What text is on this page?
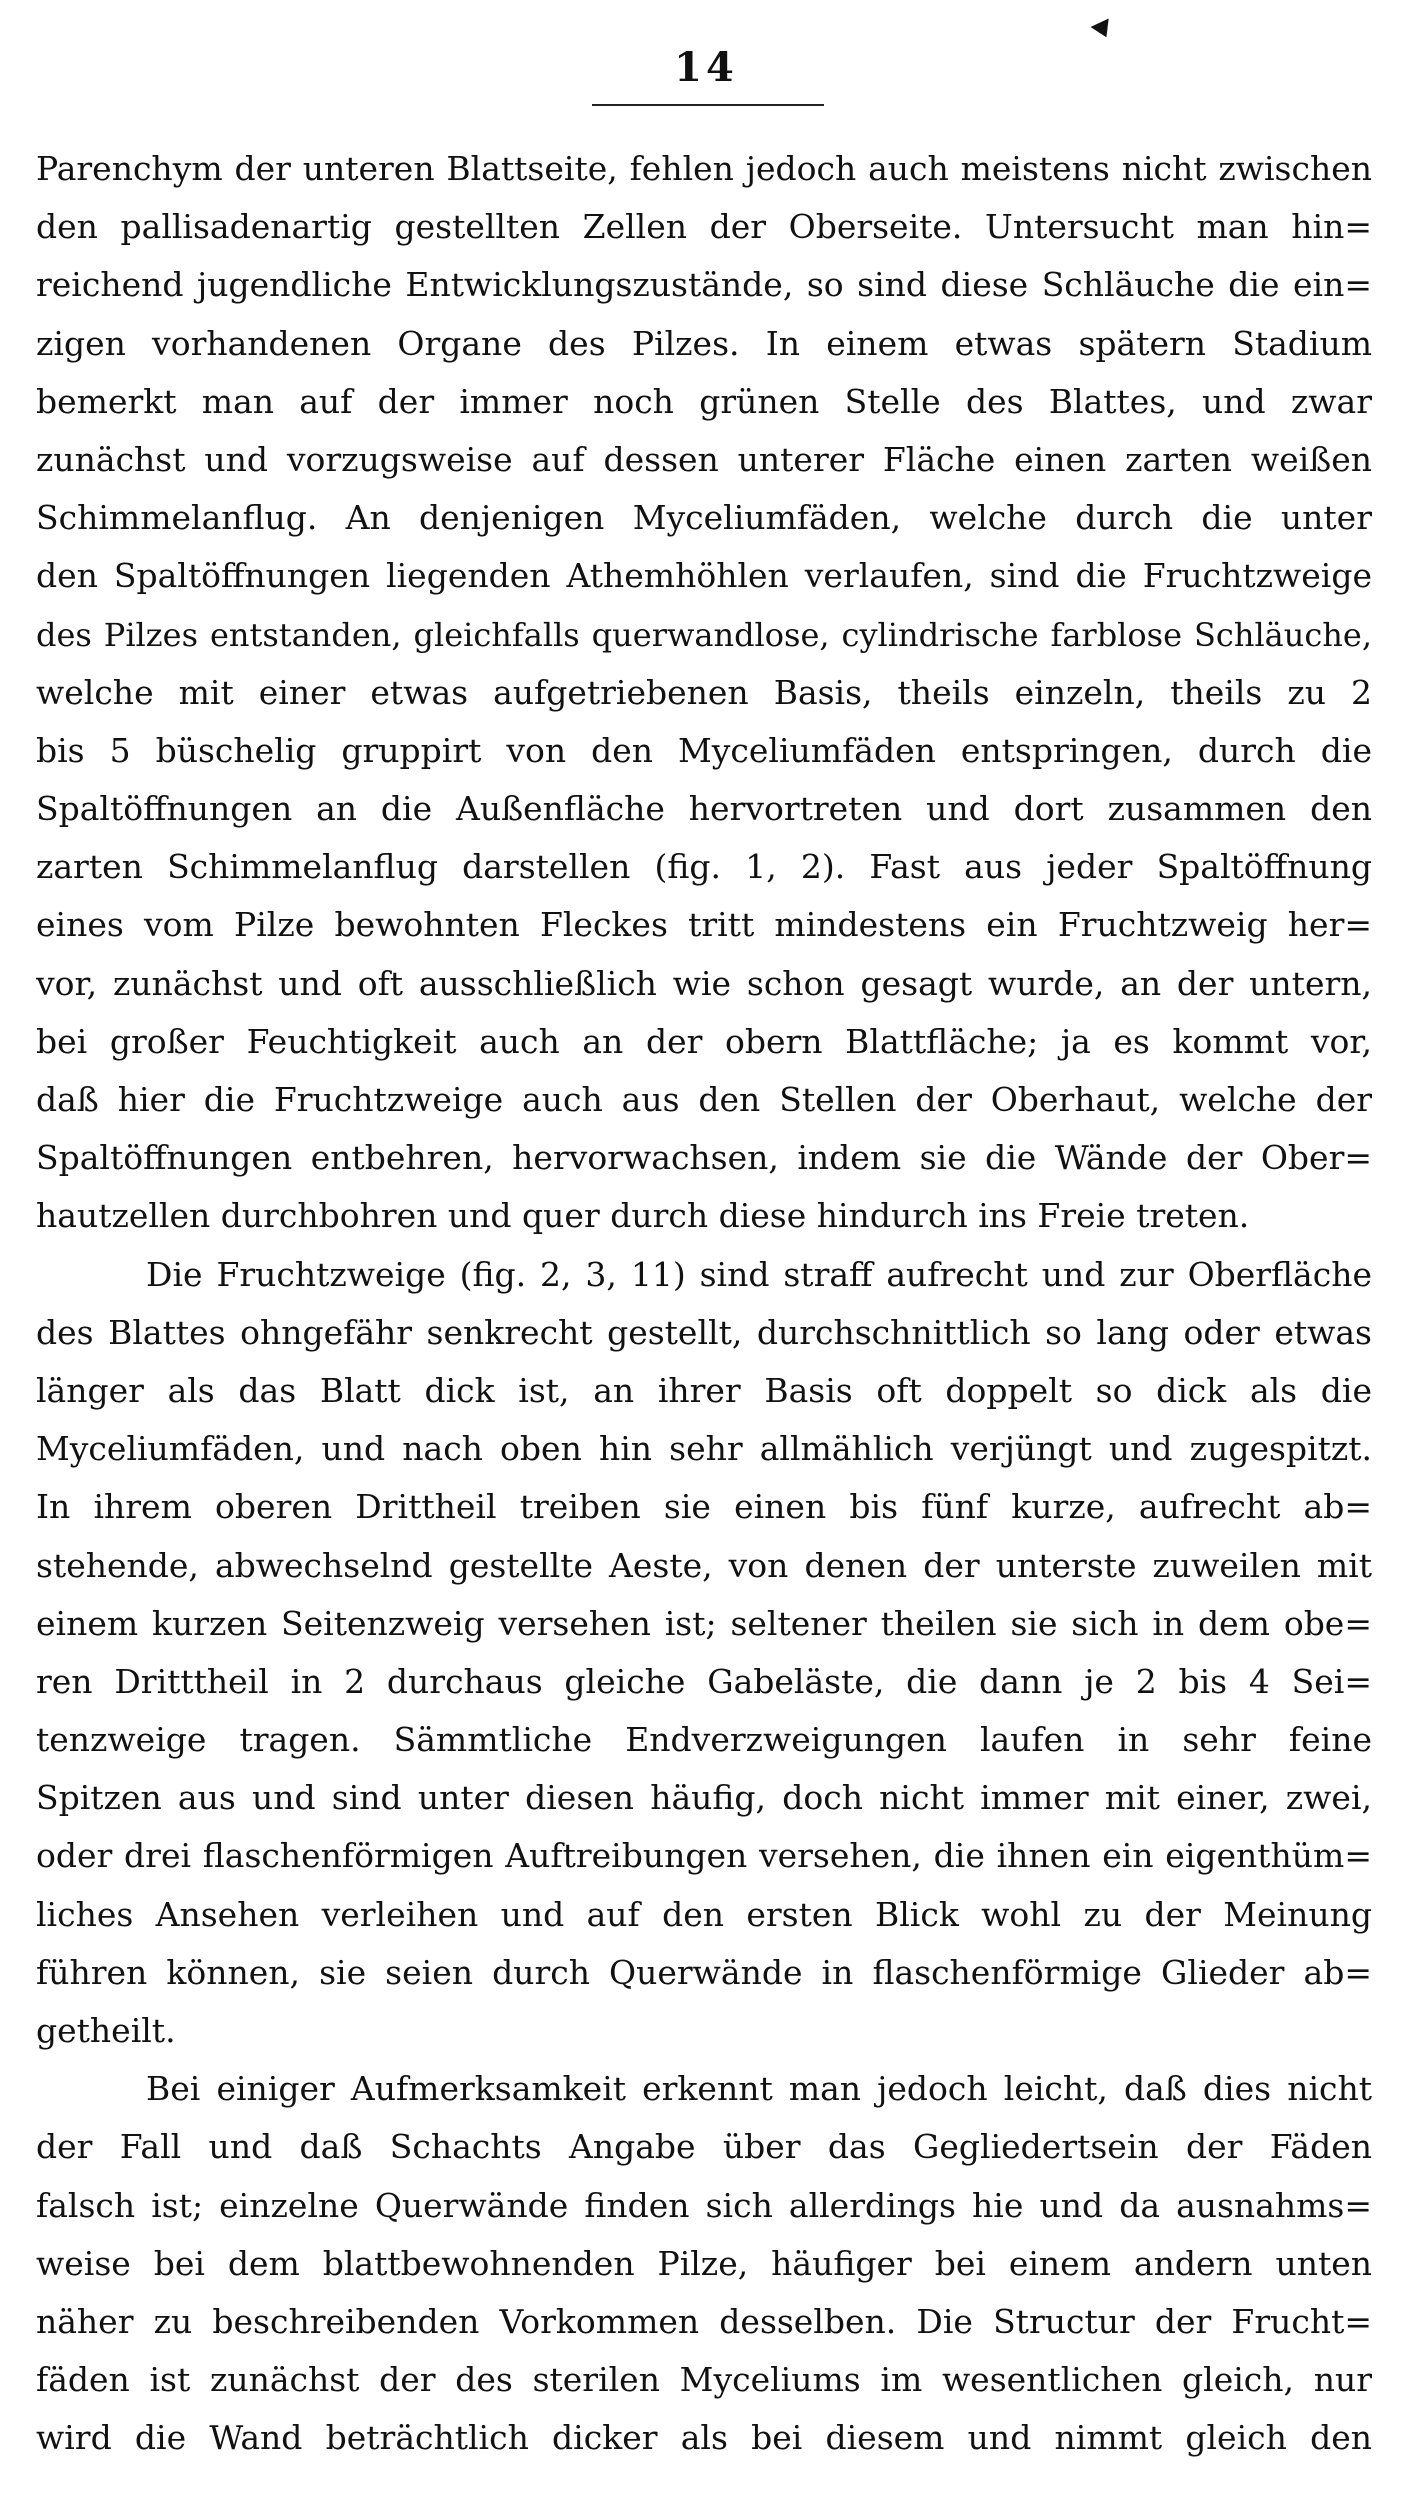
14
Parenchym der unteren Blattseite, fehlen jedoch auch meistens nicht zwischen
den pallisadenartig gestellten Zellen der Oberseite. Untersucht man hin=
reichend jugendliche Entwicklungszustände, so sind diese Schläuche die ein=
zigen vorhandenen Organe des Pilzes. In einem etwas spätern Stadium
bemerkt man auf der immer noch grünen Stelle des Blattes, und zwar
zunächst und vorzugsweise auf dessen unterer Fläche einen zarten weißen
Schimmelanflug. An denjenigen Myceliumfäden, welche durch die unter
den Spaltöffnungen liegenden Athemhöhlen verlaufen, sind die Fruchtzweige
des Pilzes entstanden, gleichfalls querwandlose, cylindrische farblose Schläuche,
welche mit einer etwas aufgetriebenen Basis, theils einzeln, theils zu 2
bis 5 büschelig gruppirt von den Myceliumfäden entspringen, durch die
Spaltöffnungen an die Außenfläche hervortreten und dort zusammen den
zarten Schimmelanflug darstellen (fig. 1, 2). Fast aus jeder Spaltöffnung
eines vom Pilze bewohnten Fleckes tritt mindestens ein Fruchtzweig her=
vor, zunächst und oft ausschließlich wie schon gesagt wurde, an der untern,
bei großer Feuchtigkeit auch an der obern Blattfläche; ja es kommt vor,
daß hier die Fruchtzweige auch aus den Stellen der Oberhaut, welche der
Spaltöffnungen entbehren, hervorwachsen, indem sie die Wände der Ober=
hautzellen durchbohren und quer durch diese hindurch ins Freie treten.
Die Fruchtzweige (fig. 2, 3, 11) sind straff aufrecht und zur Oberfläche
des Blattes ohngefähr senkrecht gestellt, durchschnittlich so lang oder etwas
länger als das Blatt dick ist, an ihrer Basis oft doppelt so dick als die
Myceliumfäden, und nach oben hin sehr allmählich verjüngt und zugespitzt.
In ihrem oberen Drittheil treiben sie einen bis fünf kurze, aufrecht ab=
stehende, abwechselnd gestellte Aeste, von denen der unterste zuweilen mit
einem kurzen Seitenzweig versehen ist; seltener theilen sie sich in dem obe=
ren Dritttheil in 2 durchaus gleiche Gabeläste, die dann je 2 bis 4 Sei=
tenzweige tragen. Sämmtliche Endverzweigungen laufen in sehr feine
Spitzen aus und sind unter diesen häufig, doch nicht immer mit einer, zwei,
oder drei flaschenförmigen Auftreibungen versehen, die ihnen ein eigenthüm=
liches Ansehen verleihen und auf den ersten Blick wohl zu der Meinung
führen können, sie seien durch Querwände in flaschenförmige Glieder ab=
getheilt.
Bei einiger Aufmerksamkeit erkennt man jedoch leicht, daß dies nicht
der Fall und daß Schachts Angabe über das Gegliedertsein der Fäden
falsch ist; einzelne Querwände finden sich allerdings hie und da ausnahms=
weise bei dem blattbewohnenden Pilze, häufiger bei einem andern unten
näher zu beschreibenden Vorkommen desselben. Die Structur der Frucht=
fäden ist zunächst der des sterilen Myceliums im wesentlichen gleich, nur
wird die Wand beträchtlich dicker als bei diesem und nimmt gleich den
